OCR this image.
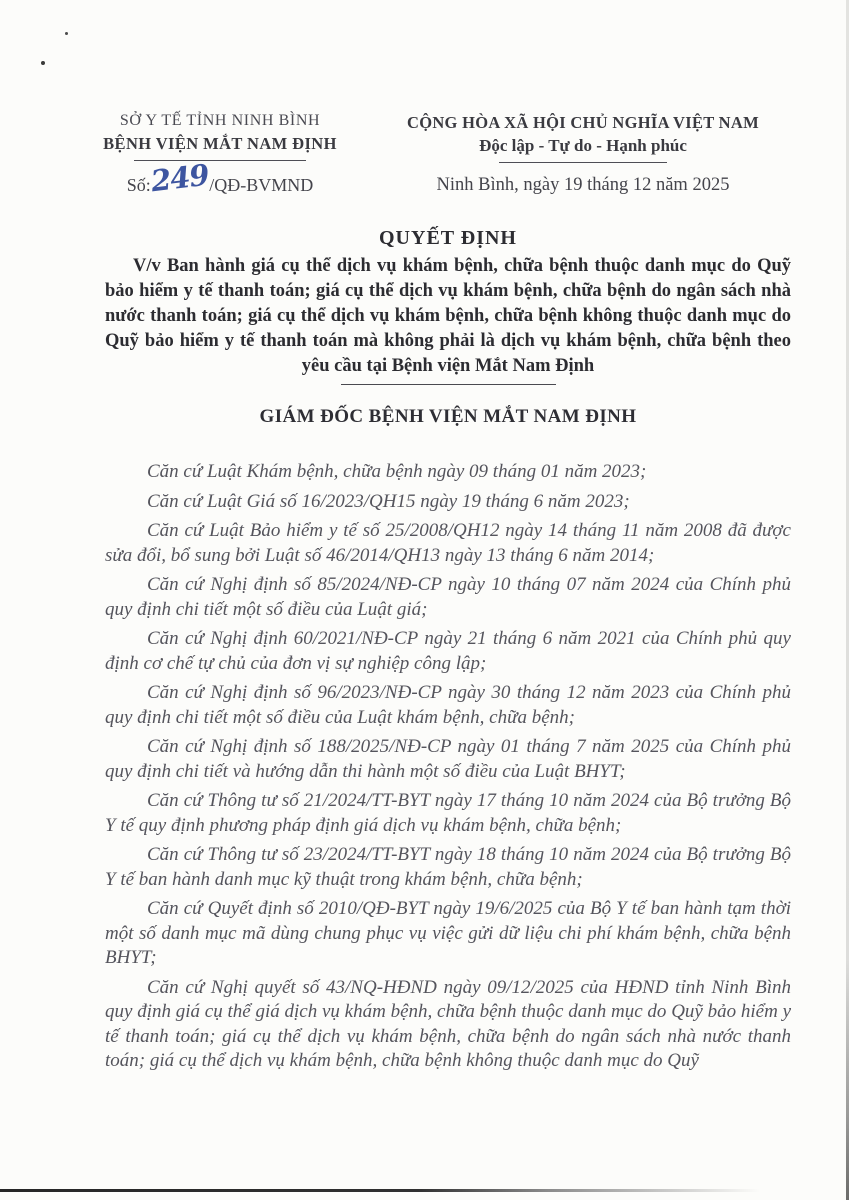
SỞ Y TẾ TỈNH NINH BÌNH
BỆNH VIỆN MẮT NAM ĐỊNH
Số:249/QĐ-BVMND
CỘNG HÒA XÃ HỘI CHỦ NGHĨA VIỆT NAM
Độc lập - Tự do - Hạnh phúc
Ninh Bình, ngày 19 tháng 12 năm 2025
QUYẾT ĐỊNH

V/v Ban hành giá cụ thể dịch vụ khám bệnh, chữa bệnh thuộc danh mục do Quỹ bảo hiểm y tế thanh toán; giá cụ thể dịch vụ khám bệnh, chữa bệnh do ngân sách nhà nước thanh toán; giá cụ thể dịch vụ khám bệnh, chữa bệnh không thuộc danh mục do Quỹ bảo hiểm y tế thanh toán mà không phải là dịch vụ khám bệnh, chữa bệnh theo yêu cầu tại Bệnh viện Mắt Nam Định

GIÁM ĐỐC BỆNH VIỆN MẮT NAM ĐỊNH

Căn cứ Luật Khám bệnh, chữa bệnh ngày 09 tháng 01 năm 2023;

Căn cứ Luật Giá số 16/2023/QH15 ngày 19 tháng 6 năm 2023;

Căn cứ Luật Bảo hiểm y tế số 25/2008/QH12 ngày 14 tháng 11 năm 2008 đã được sửa đổi, bổ sung bởi Luật số 46/2014/QH13 ngày 13 tháng 6 năm 2014;

Căn cứ Nghị định số 85/2024/NĐ-CP ngày 10 tháng 07 năm 2024 của Chính phủ quy định chi tiết một số điều của Luật giá;

Căn cứ Nghị định 60/2021/NĐ-CP ngày 21 tháng 6 năm 2021 của Chính phủ quy định cơ chế tự chủ của đơn vị sự nghiệp công lập;

Căn cứ Nghị định số 96/2023/NĐ-CP ngày 30 tháng 12 năm 2023 của Chính phủ quy định chi tiết một số điều của Luật khám bệnh, chữa bệnh;

Căn cứ Nghị định số 188/2025/NĐ-CP ngày 01 tháng 7 năm 2025 của Chính phủ quy định chi tiết và hướng dẫn thi hành một số điều của Luật BHYT;

Căn cứ Thông tư số 21/2024/TT-BYT ngày 17 tháng 10 năm 2024 của Bộ trưởng Bộ Y tế quy định phương pháp định giá dịch vụ khám bệnh, chữa bệnh;

Căn cứ Thông tư số 23/2024/TT-BYT ngày 18 tháng 10 năm 2024 của Bộ trưởng Bộ Y tế ban hành danh mục kỹ thuật trong khám bệnh, chữa bệnh;

Căn cứ Quyết định số 2010/QĐ-BYT ngày 19/6/2025 của Bộ Y tế ban hành tạm thời một số danh mục mã dùng chung phục vụ việc gửi dữ liệu chi phí khám bệnh, chữa bệnh BHYT;

Căn cứ Nghị quyết số 43/NQ-HĐND ngày 09/12/2025 của HĐND tỉnh Ninh Bình quy định giá cụ thể giá dịch vụ khám bệnh, chữa bệnh thuộc danh mục do Quỹ bảo hiểm y tế thanh toán; giá cụ thể dịch vụ khám bệnh, chữa bệnh do ngân sách nhà nước thanh toán; giá cụ thể dịch vụ khám bệnh, chữa bệnh không thuộc danh mục do Quỹ
